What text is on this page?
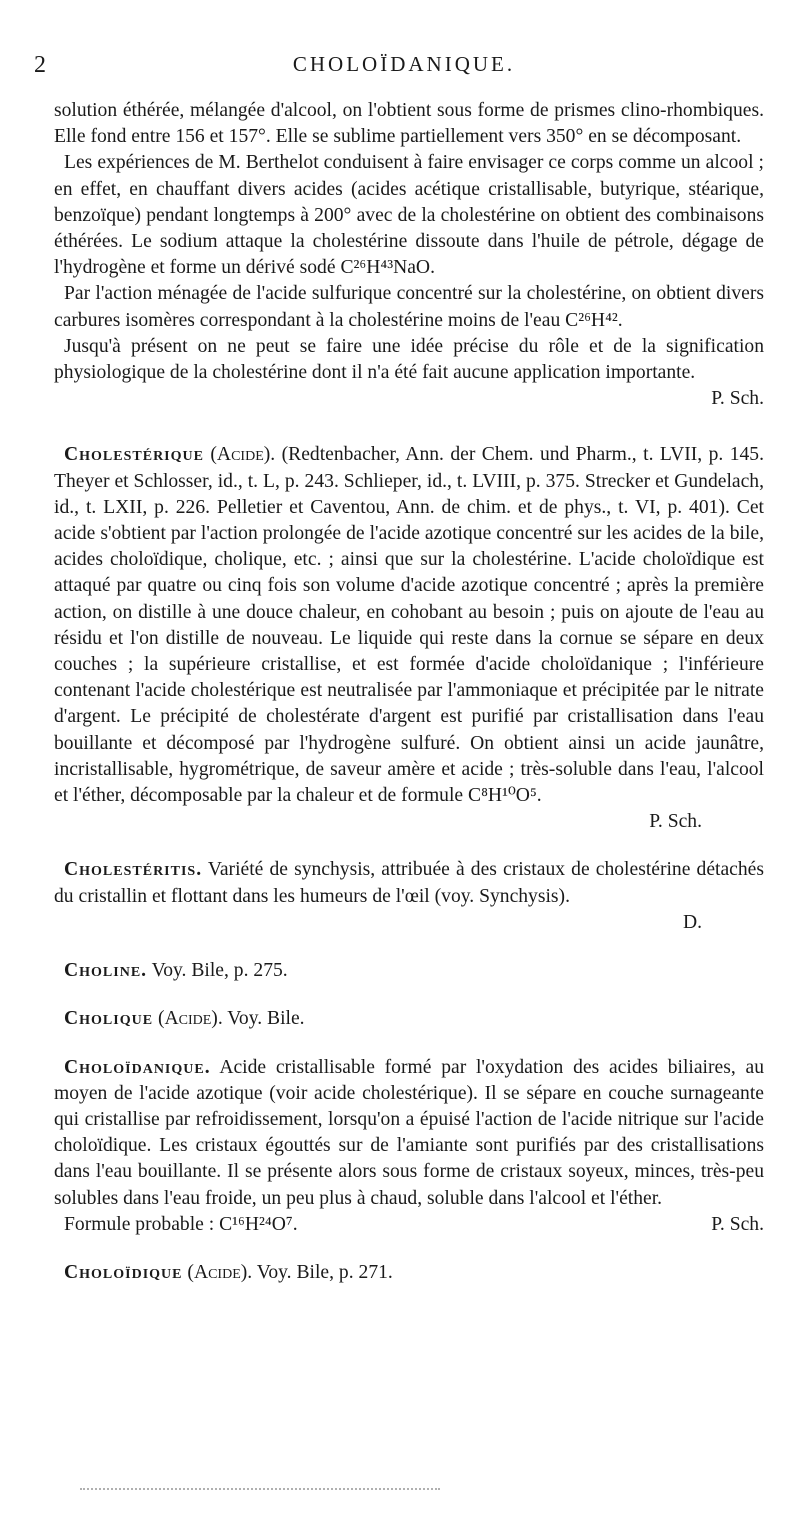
2	CHOLOÏDANIQUE.

solution éthérée, mélangée d'alcool, on l'obtient sous forme de prismes clino-rhombiques. Elle fond entre 156 et 157°. Elle se sublime partiellement vers 350° en se décomposant.

Les expériences de M. Berthelot conduisent à faire envisager ce corps comme un alcool ; en effet, en chauffant divers acides (acides acétique cristallisable, butyrique, stéarique, benzoïque) pendant longtemps à 200° avec de la cholestérine on obtient des combinaisons éthérées. Le sodium attaque la cholestérine dissoute dans l'huile de pétrole, dégage de l'hydrogène et forme un dérivé sodé C²⁶H⁴³NaO.

Par l'action ménagée de l'acide sulfurique concentré sur la cholestérine, on obtient divers carbures isomères correspondant à la cholestérine moins de l'eau C²⁶H⁴².

Jusqu'à présent on ne peut se faire une idée précise du rôle et de la signification physiologique de la cholestérine dont il n'a été fait aucune application importante.
P. Sch.

Cholestérique (Acide). (Redtenbacher, Ann. der Chem. und Pharm., t. LVII, p. 145. Theyer et Schlosser, id., t. L, p. 243. Schlieper, id., t. LVIII, p. 375. Strecker et Gundelach, id., t. LXII, p. 226. Pelletier et Caventou, Ann. de chim. et de phys., t. VI, p. 401). Cet acide s'obtient par l'action prolongée de l'acide azotique concentré sur les acides de la bile, acides choloïdique, cholique, etc. ; ainsi que sur la cholestérine. L'acide choloïdique est attaqué par quatre ou cinq fois son volume d'acide azotique concentré ; après la première action, on distille à une douce chaleur, en cohobant au besoin ; puis on ajoute de l'eau au résidu et l'on distille de nouveau. Le liquide qui reste dans la cornue se sépare en deux couches ; la supérieure cristallise, et est formée d'acide choloïdanique ; l'inférieure contenant l'acide cholestérique est neutralisée par l'ammoniaque et précipitée par le nitrate d'argent. Le précipité de cholestérate d'argent est purifié par cristallisation dans l'eau bouillante et décomposé par l'hydrogène sulfuré. On obtient ainsi un acide jaunâtre, incristallisable, hygrométrique, de saveur amère et acide ; très-soluble dans l'eau, l'alcool et l'éther, décomposable par la chaleur et de formule C⁸H¹⁰O⁵.

P. Sch.

Cholestéritis. Variété de synchysis, attribuée à des cristaux de cholestérine détachés du cristallin et flottant dans les humeurs de l'œil (voy. Synchysis).

D.

Choline. Voy. Bile, p. 275.

Cholique (Acide). Voy. Bile.

Choloïdanique. Acide cristallisable formé par l'oxydation des acides biliaires, au moyen de l'acide azotique (voir acide cholestérique). Il se sépare en couche surnageante qui cristallise par refroidissement, lorsqu'on a épuisé l'action de l'acide nitrique sur l'acide choloïdique. Les cristaux égouttés sur de l'amiante sont purifiés par des cristallisations dans l'eau bouillante. Il se présente alors sous forme de cristaux soyeux, minces, très-peu solubles dans l'eau froide, un peu plus à chaud, soluble dans l'alcool et l'éther.

Formule probable : C¹⁶H²⁴O⁷.	P. Sch.

Choloïdique (Acide). Voy. Bile, p. 271.
